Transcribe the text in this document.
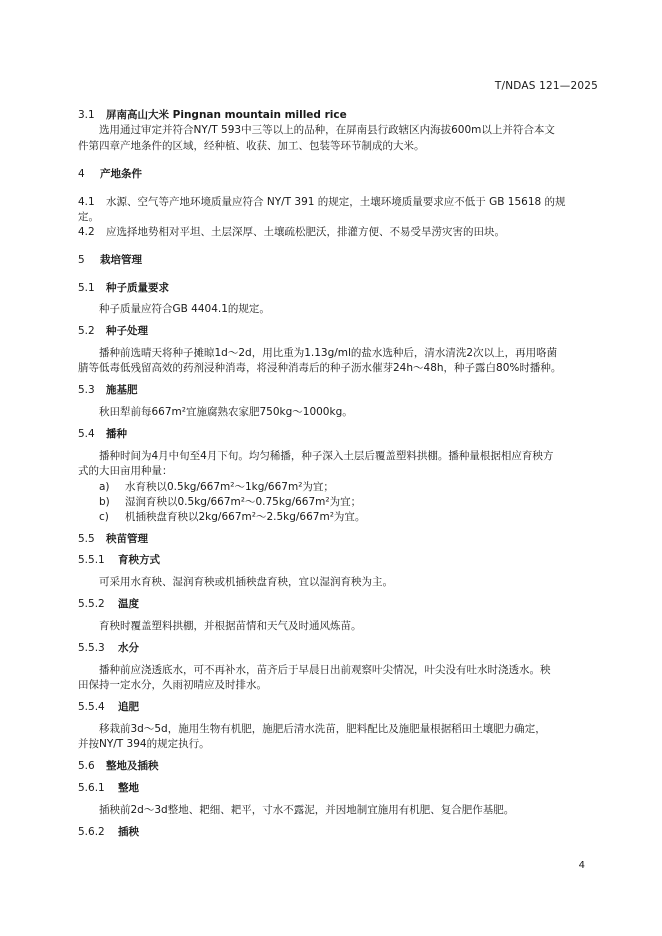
T/NDAS 121—2025
3.1 屏南高山大米 Pingnan mountain milled rice
选用通过审定并符合NY/T 593中三等以上的品种，在屏南县行政辖区内海拔600m以上并符合本文
件第四章产地条件的区域，经种植、收获、加工、包装等环节制成的大米。
4 产地条件
4.1 水源、空气等产地环境质量应符合 NY/T 391 的规定，土壤环境质量要求应不低于 GB 15618 的规
定。
4.2 应选择地势相对平坦、土层深厚、土壤疏松肥沃，排灌方便、不易受旱涝灾害的田块。
5 栽培管理
5.1 种子质量要求
种子质量应符合GB 4404.1的规定。
5.2 种子处理
播种前选晴天将种子摊晾1d～2d，用比重为1.13g/ml的盐水选种后，清水清洗2次以上，再用咯菌
腈等低毒低残留高效的药剂浸种消毒，将浸种消毒后的种子沥水催芽24h～48h，种子露白80%时播种。
5.3 施基肥
秋田犁前每667m²宜施腐熟农家肥750kg～1000kg。
5.4 播种
播种时间为4月中旬至4月下旬。均匀稀播，种子深入土层后覆盖塑料拱棚。播种量根据相应育秧方
式的大田亩用种量：
a) 水育秧以0.5kg/667m²～1kg/667m²为宜；
b) 湿润育秧以0.5kg/667m²～0.75kg/667m²为宜；
c) 机插秧盘育秧以2kg/667m²～2.5kg/667m²为宜。
5.5 秧苗管理
5.5.1 育秧方式
可采用水育秧、湿润育秧或机插秧盘育秧，宜以湿润育秧为主。
5.5.2 温度
育秧时覆盖塑料拱棚，并根据苗情和天气及时通风炼苗。
5.5.3 水分
播种前应浇透底水，可不再补水，苗齐后于早晨日出前观察叶尖情况，叶尖没有吐水时浇透水。秧
田保持一定水分，久雨初晴应及时排水。
5.5.4 追肥
移栽前3d～5d，施用生物有机肥，施肥后清水洗苗，肥料配比及施肥量根据稻田土壤肥力确定，
并按NY/T 394的规定执行。
5.6 整地及插秧
5.6.1 整地
插秧前2d～3d整地、耙细、耙平，寸水不露泥，并因地制宜施用有机肥、复合肥作基肥。
5.6.2 插秧
4
